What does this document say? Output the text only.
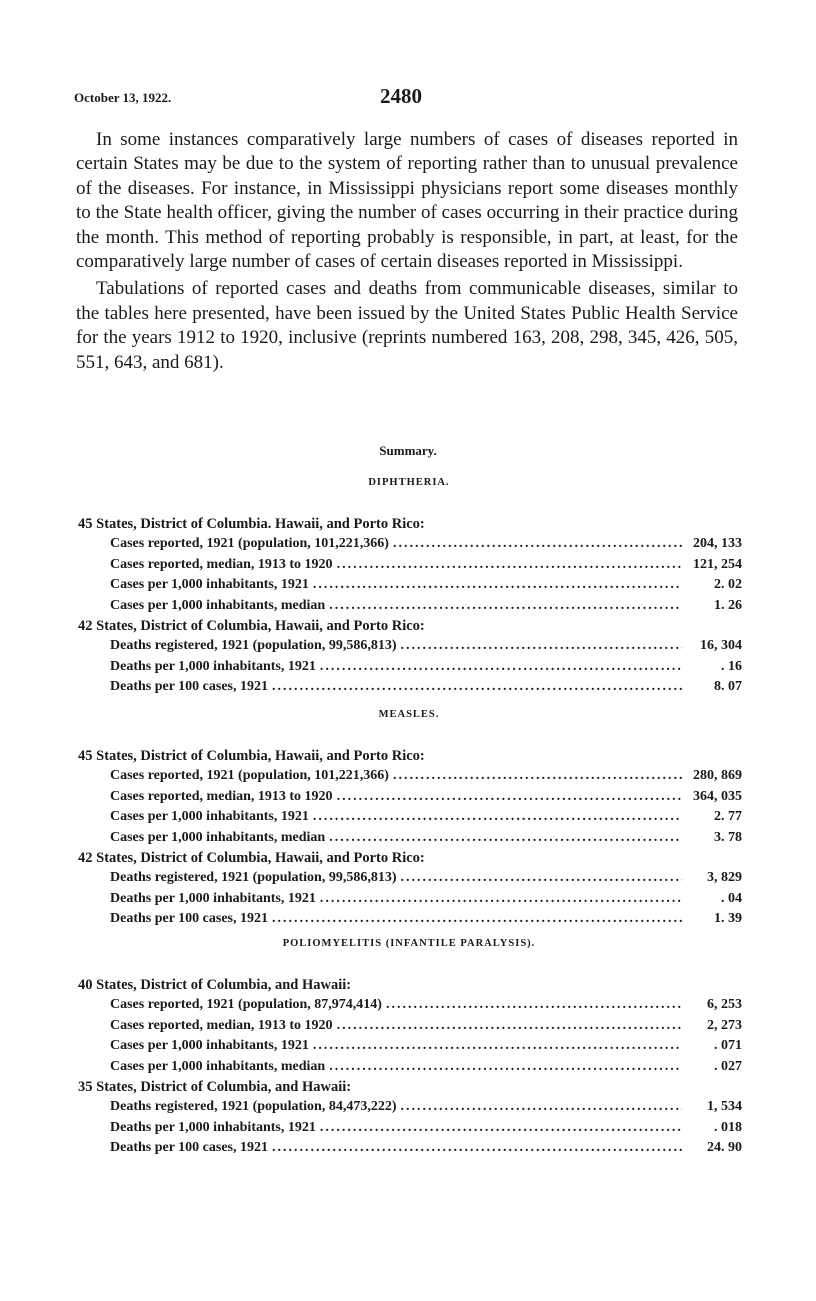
October 13, 1922.	2480

In some instances comparatively large numbers of cases of diseases reported in certain States may be due to the system of reporting rather than to unusual prevalence of the diseases. For instance, in Mississippi physicians report some diseases monthly to the State health officer, giving the number of cases occurring in their practice during the month. This method of reporting probably is responsible, in part, at least, for the comparatively large number of cases of certain diseases reported in Mississippi.

Tabulations of reported cases and deaths from communicable diseases, similar to the tables here presented, have been issued by the United States Public Health Service for the years 1912 to 1920, inclusive (reprints numbered 163, 208, 298, 345, 426, 505, 551, 643, and 681).

Summary.
DIPHTHERIA.
45 States, District of Columbia. Hawaii, and Porto Rico:
Cases reported, 1921 (population, 101,221,366) .....	204, 133
Cases reported, median, 1913 to 1920 .....	121, 254
Cases per 1,000 inhabitants, 1921 .....	2. 02
Cases per 1,000 inhabitants, median .....	1. 26
42 States, District of Columbia, Hawaii, and Porto Rico:
Deaths registered, 1921 (population, 99,586,813) .....	16, 304
Deaths per 1,000 inhabitants, 1921 .....	. 16
Deaths per 100 cases, 1921 .....	8. 07
MEASLES.
45 States, District of Columbia, Hawaii, and Porto Rico:
Cases reported, 1921 (population, 101,221,366) .....	280, 869
Cases reported, median, 1913 to 1920 .....	364, 035
Cases per 1,000 inhabitants, 1921 .....	2. 77
Cases per 1,000 inhabitants, median .....	3. 78
42 States, District of Columbia, Hawaii, and Porto Rico:
Deaths registered, 1921 (population, 99,586,813) .....	3, 829
Deaths per 1,000 inhabitants, 1921 .....	. 04
Deaths per 100 cases, 1921 .....	1. 39
POLIOMYELITIS (INFANTILE PARALYSIS).
40 States, District of Columbia, and Hawaii:
Cases reported, 1921 (population, 87,974,414) .....	6, 253
Cases reported, median, 1913 to 1920 .....	2, 273
Cases per 1,000 inhabitants, 1921 .....	. 071
Cases per 1,000 inhabitants, median .....	. 027
35 States, District of Columbia, and Hawaii:
Deaths registered, 1921 (population, 84,473,222) .....	1, 534
Deaths per 1,000 inhabitants, 1921 .....	. 018
Deaths per 100 cases, 1921 .....	24. 90
